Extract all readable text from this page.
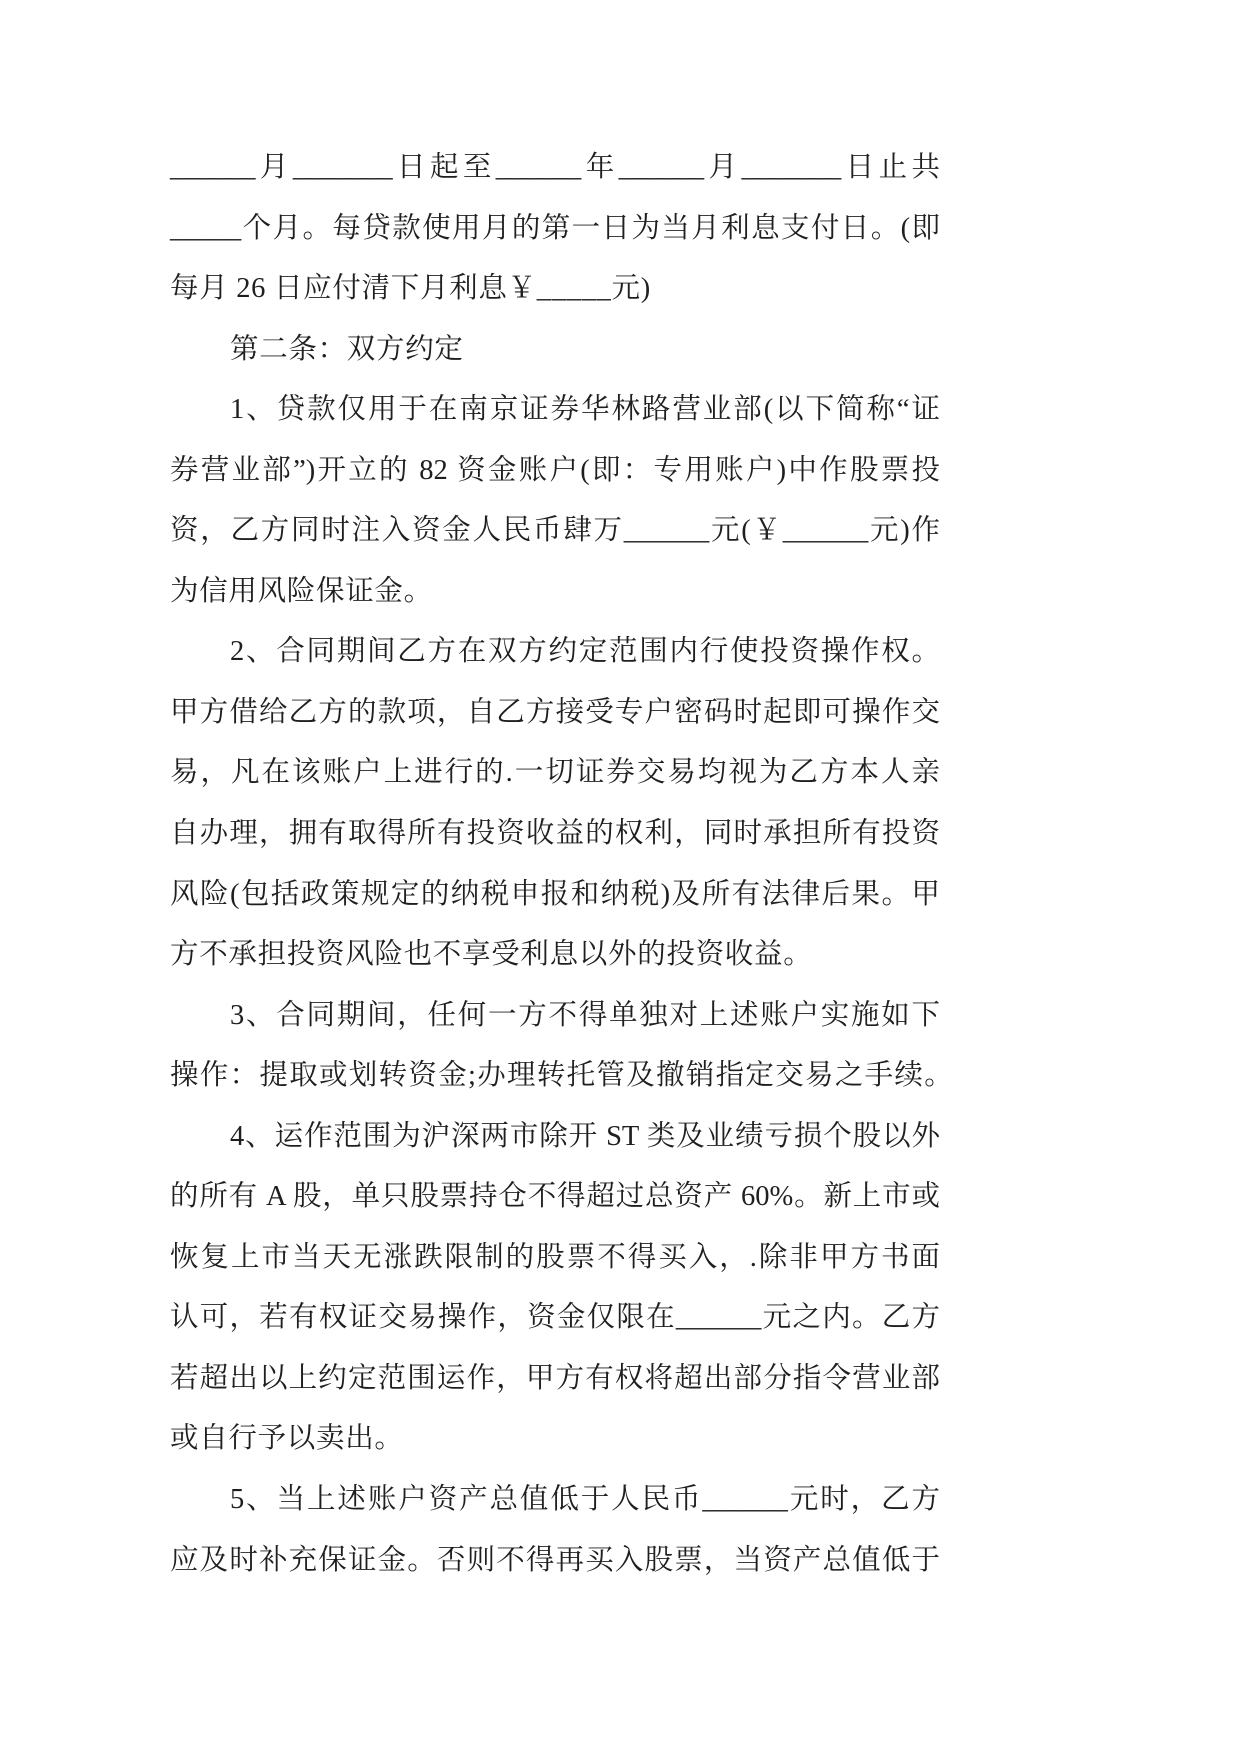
______月_______日起至______年______月_______日止共
_____个月。每贷款使用月的第一日为当月利息支付日。(即
每月 26 日应付清下月利息￥_____元)
第二条：双方约定
1、贷款仅用于在南京证券华林路营业部(以下简称“证
券营业部”)开立的 82 资金账户(即：专用账户)中作股票投
资，乙方同时注入资金人民币肆万______元(￥______元)作
为信用风险保证金。
2、合同期间乙方在双方约定范围内行使投资操作权。
甲方借给乙方的款项，自乙方接受专户密码时起即可操作交
易，凡在该账户上进行的.一切证券交易均视为乙方本人亲
自办理，拥有取得所有投资收益的权利，同时承担所有投资
风险(包括政策规定的纳税申报和纳税)及所有法律后果。甲
方不承担投资风险也不享受利息以外的投资收益。
3、合同期间，任何一方不得单独对上述账户实施如下
操作：提取或划转资金;办理转托管及撤销指定交易之手续。
4、运作范围为沪深两市除开 ST 类及业绩亏损个股以外
的所有 A 股，单只股票持仓不得超过总资产 60%。新上市或
恢复上市当天无涨跌限制的股票不得买入，.除非甲方书面
认可，若有权证交易操作，资金仅限在______元之内。乙方
若超出以上约定范围运作，甲方有权将超出部分指令营业部
或自行予以卖出。
5、当上述账户资产总值低于人民币______元时，乙方
应及时补充保证金。否则不得再买入股票，当资产总值低于
